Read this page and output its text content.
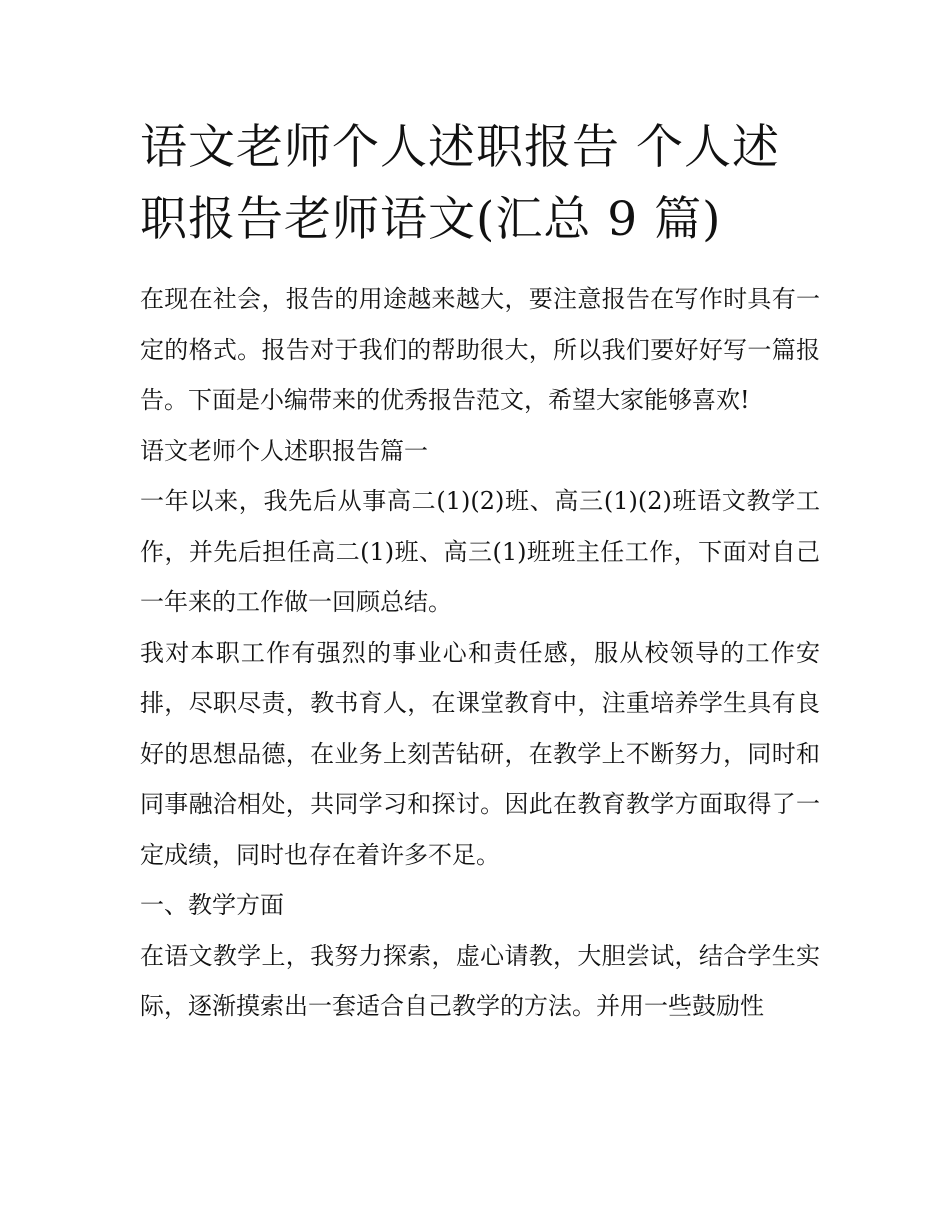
语文老师个人述职报告 个人述职报告老师语文(汇总 9 篇)

在现在社会，报告的用途越来越大，要注意报告在写作时具有一定的格式。报告对于我们的帮助很大，所以我们要好好写一篇报告。下面是小编带来的优秀报告范文，希望大家能够喜欢!

语文老师个人述职报告篇一

一年以来，我先后从事高二(1)(2)班、高三(1)(2)班语文教学工作，并先后担任高二(1)班、高三(1)班班主任工作，下面对自己一年来的工作做一回顾总结。

我对本职工作有强烈的事业心和责任感，服从校领导的工作安排，尽职尽责，教书育人，在课堂教育中，注重培养学生具有良好的思想品德，在业务上刻苦钻研，在教学上不断努力，同时和同事融洽相处，共同学习和探讨。因此在教育教学方面取得了一定成绩，同时也存在着许多不足。

一、教学方面

在语文教学上，我努力探索，虚心请教，大胆尝试，结合学生实际，逐渐摸索出一套适合自己教学的方法。并用一些鼓励性
